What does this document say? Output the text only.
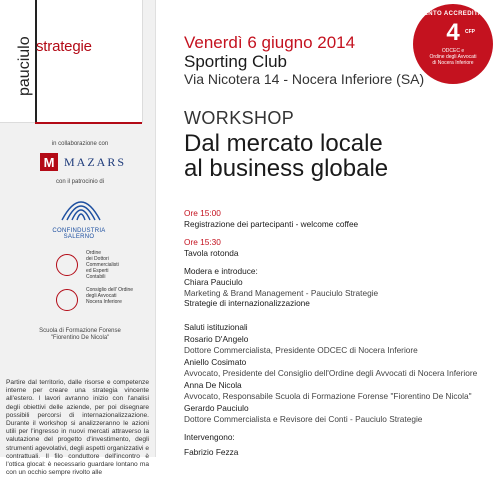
strategie
pauciulo
in collaborazione con
M MAZARS
con il patrocinio di
CONFINDUSTRIA SALERNO
Ordine
dei Dottori
Commercialisti
ed Esperti
Contabili
Consiglio dell' Ordine
degli Avvocati
Nocera Inferiore
Scuola di Formazione Forense
"Fiorentino De Nicola"
Partire dal territorio, dalle risorse e competenze interne per creare una strategia vincente all'estero. I lavori avranno inizio con l'analisi degli obiettivi delle aziende, per poi disegnare possibili percorsi di internazionalizzazione. Durante il workshop si analizzeranno le azioni utili per l'ingresso in nuovi mercati attraverso la valutazione del progetto d'investimento, degli strumenti agevolativi, degli aspetti organizzativi e contrattuali. Il filo conduttore dell'incontro è l'ottica glocal: è necessario guardare lontano ma con un occhio sempre rivolto alle
EVENTO ACCREDITATO
4	CFP
ODCEC e
Ordine degli Avvocati
di Nocera Inferiore
Venerdì 6 giugno 2014
Sporting Club
Via Nicotera 14 - Nocera Inferiore (SA)
WORKSHOP
Dal mercato locale
al business globale
Ore 15:00
Registrazione dei partecipanti - welcome coffee
Ore 15:30
Tavola rotonda
Modera e introduce:
Chiara Pauciulo
Marketing & Brand Management - Pauciulo Strategie
Strategie di internazionalizzazione
Saluti istituzionali
Rosario D'Angelo
Dottore Commercialista, Presidente ODCEC di Nocera Inferiore
Aniello Cosimato
Avvocato, Presidente del Consiglio dell'Ordine degli Avvocati di Nocera Inferiore
Anna De Nicola
Avvocato, Responsabile Scuola di Formazione Forense "Fiorentino De Nicola"
Gerardo Pauciulo
Dottore Commercialista e Revisore dei Conti - Pauciulo Strategie
Intervengono:
Fabrizio Fezza
